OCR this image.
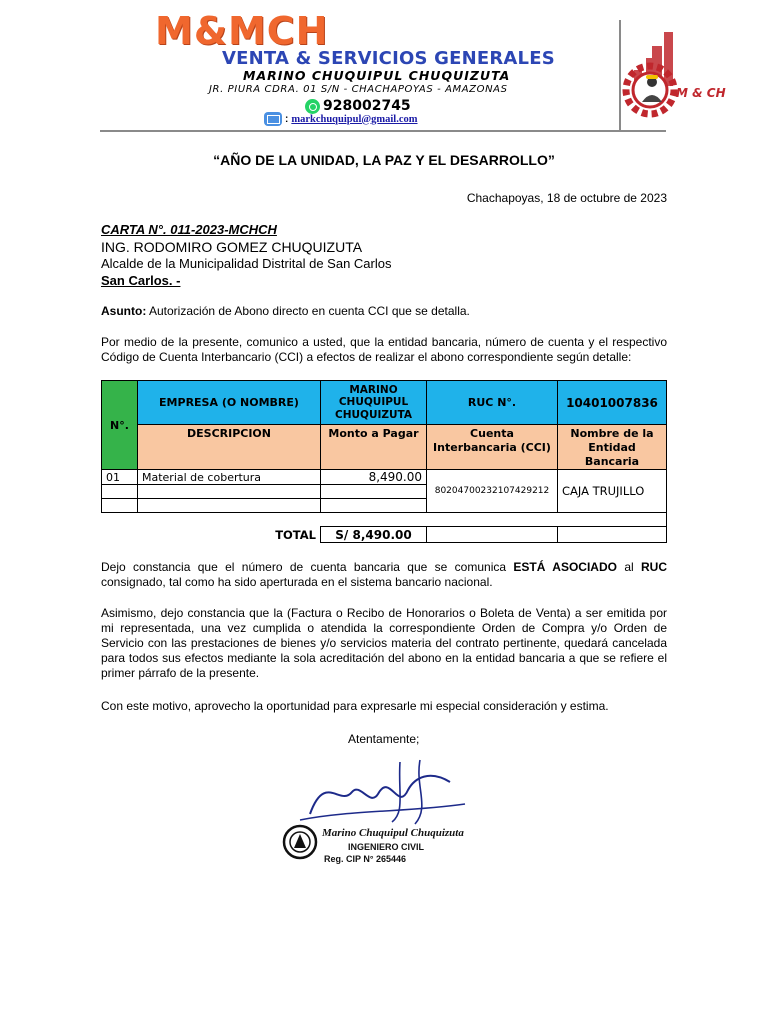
M&MCH
VENTA & SERVICIOS GENERALES
MARINO CHUQUIPUL CHUQUIZUTA
JR. PIURA CDRA. 01 S/N - CHACHAPOYAS - AMAZONAS
928002745
: markchuquipul@gmail.com
M & CH
“AÑO DE LA UNIDAD, LA PAZ Y EL DESARROLLO”
Chachapoyas, 18 de octubre de 2023
CARTA N°. 011-2023-MCHCH
ING. RODOMIRO GOMEZ CHUQUIZUTA
Alcalde de la Municipalidad Distrital de San Carlos
San Carlos. -
Asunto: Autorización de Abono directo en cuenta CCI que se detalla.
Por medio de la presente, comunico a usted, que la entidad bancaria, número de cuenta y el respectivo Código de Cuenta Interbancario (CCI) a efectos de realizar el abono correspondiente según detalle:
N°.	EMPRESA (O NOMBRE)	MARINO CHUQUIPUL CHUQUIZUTA	RUC N°.	10401007836
	DESCRIPCION	Monto a Pagar	Cuenta Interbancaria (CCI)	Nombre de la Entidad Bancaria
01	Material de cobertura	8,490.00	80204700232107429212	CAJA TRUJILLO

	TOTAL	S/ 8,490.00		
Dejo constancia que el número de cuenta bancaria que se comunica ESTÁ ASOCIADO al RUC consignado, tal como ha sido aperturada en el sistema bancario nacional.
Asimismo, dejo constancia que la (Factura o Recibo de Honorarios o Boleta de Venta) a ser emitida por mi representada, una vez cumplida o atendida la correspondiente Orden de Compra y/o Orden de Servicio con las prestaciones de bienes y/o servicios materia del contrato pertinente, quedará cancelada para todos sus efectos mediante la sola acreditación del abono en la entidad bancaria a que se refiere el primer párrafo de la presente.
Con este motivo, aprovecho la oportunidad para expresarle mi especial consideración y estima.
Atentamente;
Marino Chuquipul Chuquizuta
INGENIERO CIVIL
Reg. CIP N° 265446
